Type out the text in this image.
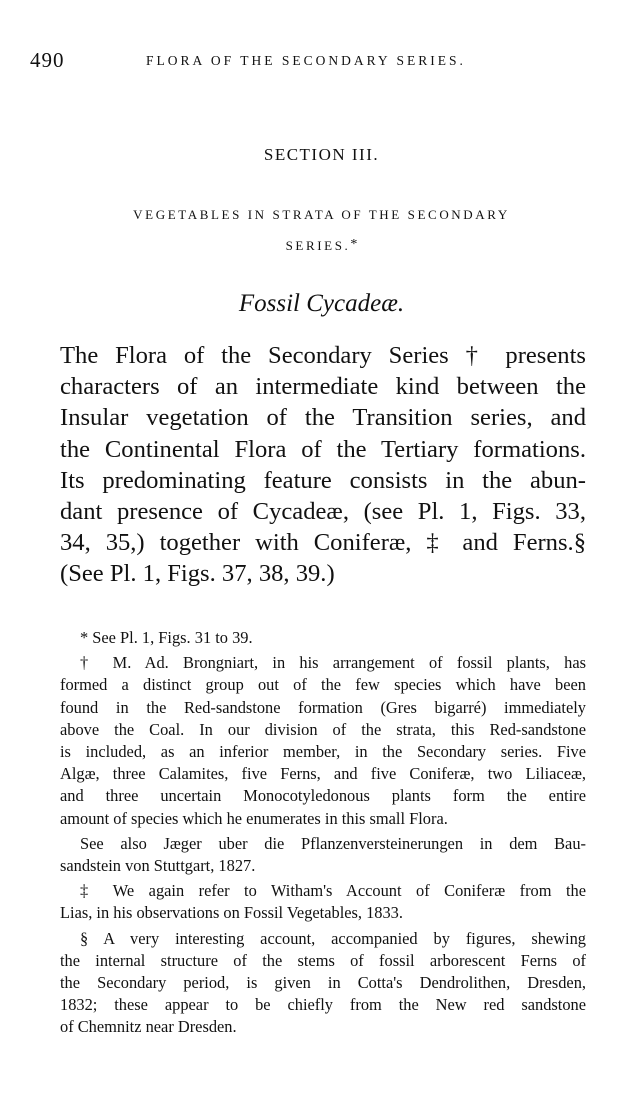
490	FLORA OF THE SECONDARY SERIES.
SECTION III.
VEGETABLES IN STRATA OF THE SECONDARY
SERIES.*
Fossil Cycadeæ.
The Flora of the Secondary Series † presents
characters of an intermediate kind between the
Insular vegetation of the Transition series, and
the Continental Flora of the Tertiary formations.
Its predominating feature consists in the abun-
dant presence of Cycadeæ, (see Pl. 1, Figs. 33,
34, 35,) together with Coniferæ, ‡ and Ferns.§
(See Pl. 1, Figs. 37, 38, 39.)
* See Pl. 1, Figs. 31 to 39.
† M. Ad. Brongniart, in his arrangement of fossil plants, has
formed a distinct group out of the few species which have been
found in the Red-sandstone formation (Gres bigarré) immediately
above the Coal. In our division of the strata, this Red-sandstone
is included, as an inferior member, in the Secondary series. Five
Algæ, three Calamites, five Ferns, and five Coniferæ, two Liliaceæ,
and three uncertain Monocotyledonous plants form the entire
amount of species which he enumerates in this small Flora.
See also Jæger uber die Pflanzenversteinerungen in dem Bau-
sandstein von Stuttgart, 1827.
‡ We again refer to Witham's Account of Coniferæ from the
Lias, in his observations on Fossil Vegetables, 1833.
§ A very interesting account, accompanied by figures, shewing
the internal structure of the stems of fossil arborescent Ferns of
the Secondary period, is given in Cotta's Dendrolithen, Dresden,
1832; these appear to be chiefly from the New red sandstone
of Chemnitz near Dresden.
